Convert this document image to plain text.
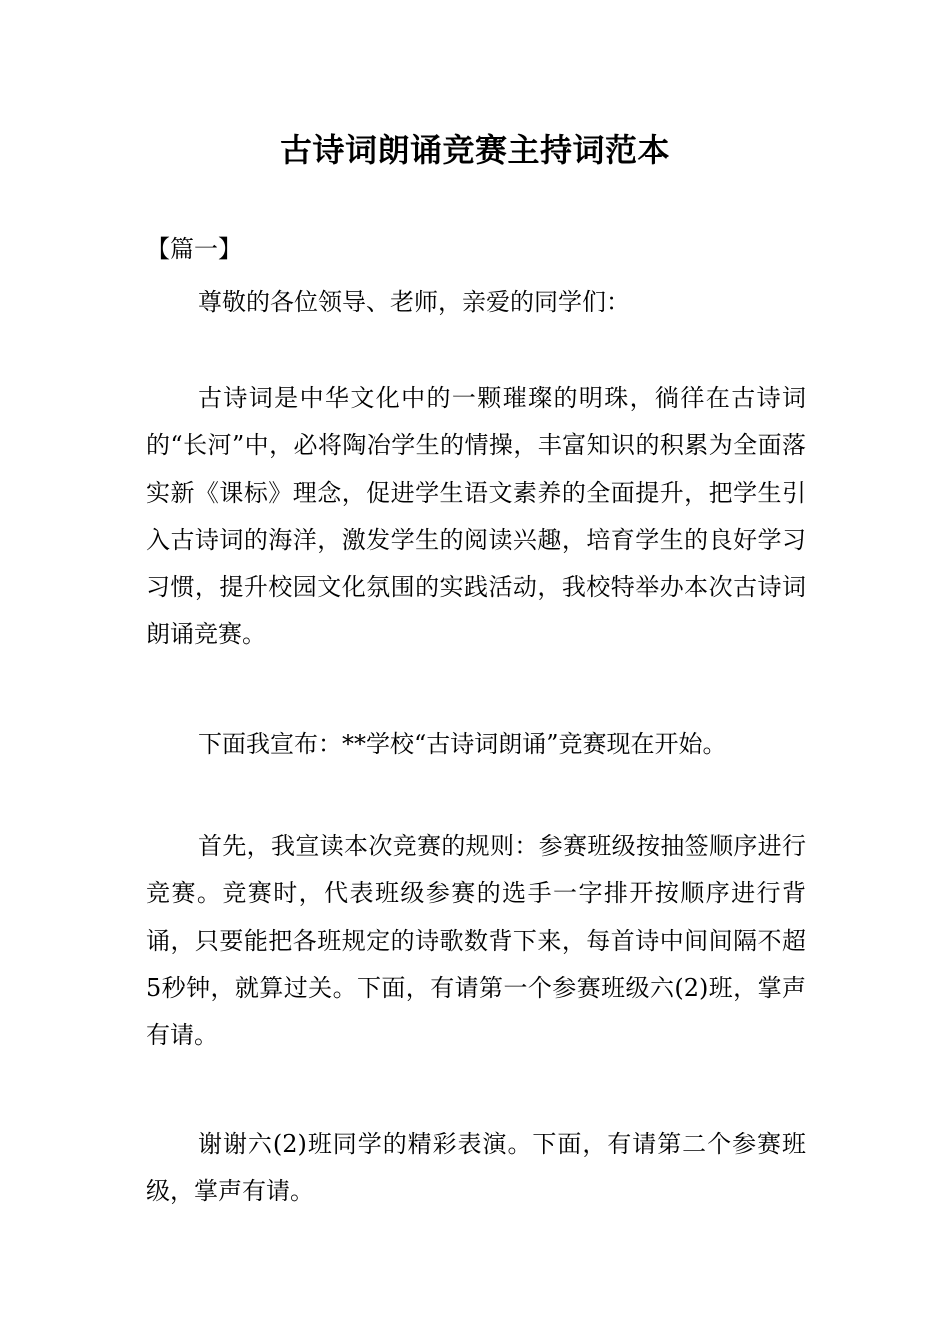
古诗词朗诵竞赛主持词范本
【篇一】

尊敬的各位领导、老师，亲爱的同学们：

古诗词是中华文化中的一颗璀璨的明珠，徜徉在古诗词的“长河”中，必将陶冶学生的情操，丰富知识的积累为全面落实新《课标》理念，促进学生语文素养的全面提升，把学生引入古诗词的海洋，激发学生的阅读兴趣，培育学生的良好学习习惯，提升校园文化氛围的实践活动，我校特举办本次古诗词朗诵竞赛。

下面我宣布：**学校“古诗词朗诵”竞赛现在开始。

首先，我宣读本次竞赛的规则：参赛班级按抽签顺序进行竞赛。竞赛时，代表班级参赛的选手一字排开按顺序进行背诵，只要能把各班规定的诗歌数背下来，每首诗中间间隔不超5秒钟，就算过关。下面，有请第一个参赛班级六(2)班，掌声有请。

谢谢六(2)班同学的精彩表演。下面，有请第二个参赛班级，掌声有请。
